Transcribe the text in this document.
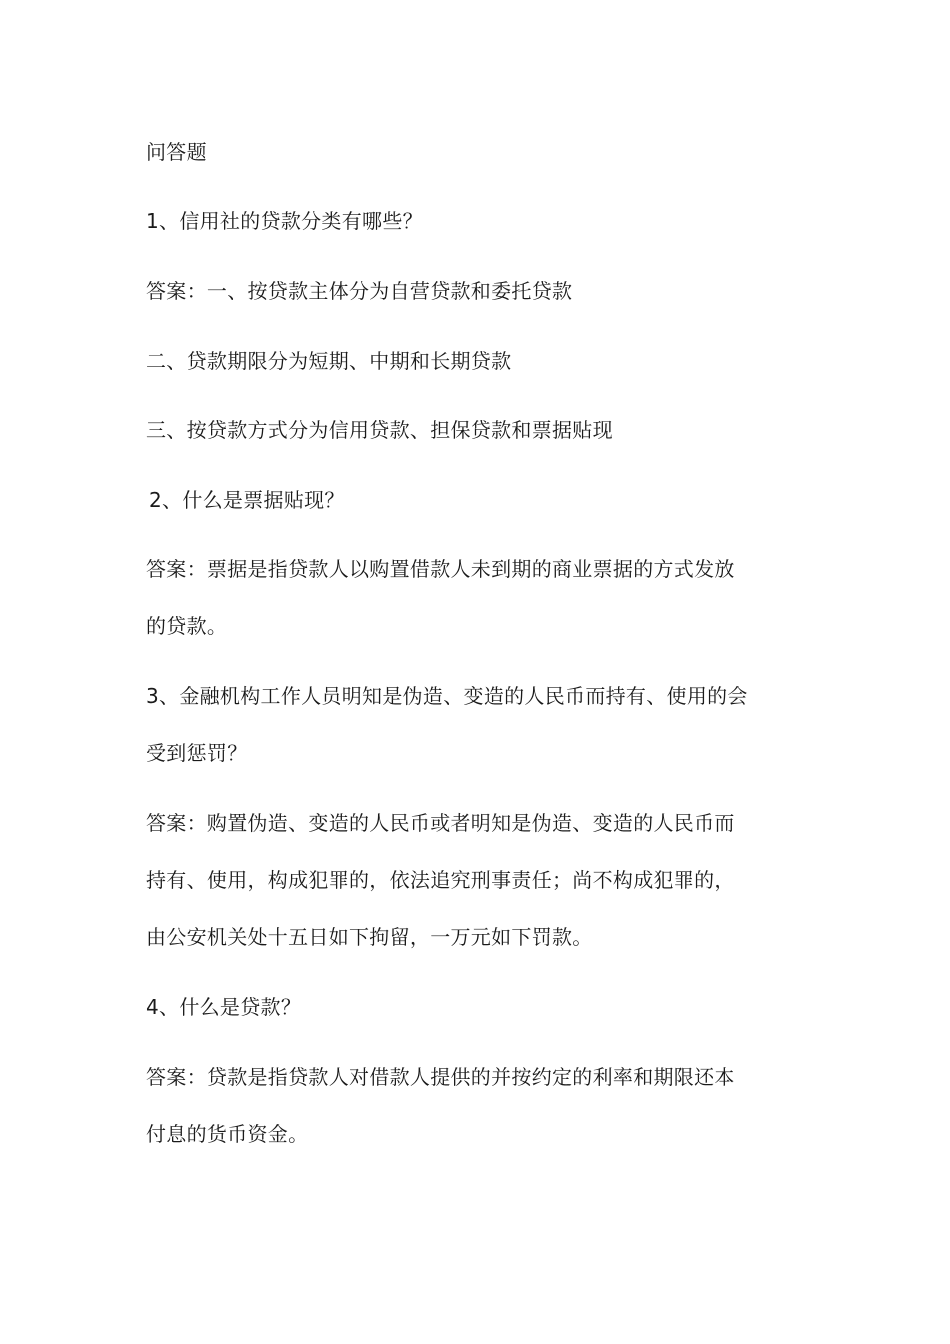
问答题
1、信用社的贷款分类有哪些？
答案：一、按贷款主体分为自营贷款和委托贷款
二、贷款期限分为短期、中期和长期贷款
三、按贷款方式分为信用贷款、担保贷款和票据贴现
2、什么是票据贴现？
答案：票据是指贷款人以购置借款人未到期的商业票据的方式发放
的贷款。
3、金融机构工作人员明知是伪造、变造的人民币而持有、使用的会
受到惩罚？
答案：购置伪造、变造的人民币或者明知是伪造、变造的人民币而
持有、使用，构成犯罪的，依法追究刑事责任；尚不构成犯罪的，
由公安机关处十五日如下拘留，一万元如下罚款。
4、什么是贷款？
答案：贷款是指贷款人对借款人提供的并按约定的利率和期限还本
付息的货币资金。
